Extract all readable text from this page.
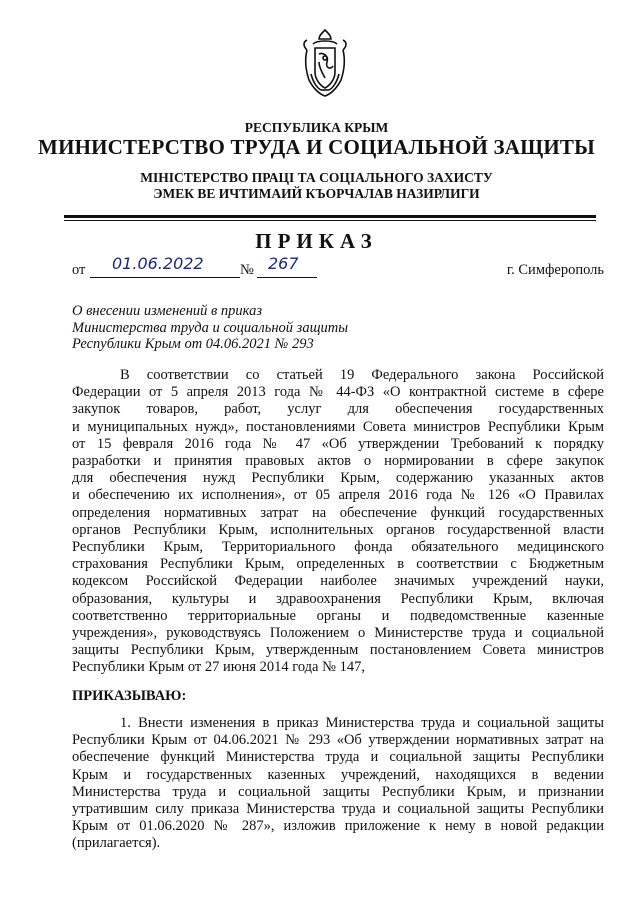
РЕСПУБЛИКА КРЫМ
МИНИСТЕРСТВО ТРУДА И СОЦИАЛЬНОЙ ЗАЩИТЫ
МІНІСТЕРСТВО ПРАЦІ ТА СОЦІАЛЬНОГО ЗАХИСТУ
ЭМЕК ВЕ ИЧТИМАИЙ КЪОРЧАЛАВ НАЗИРЛИГИ
ПРИКАЗ
от 01.06.2022	№ 267	г. Симферополь
О внесении изменений в приказ
Министерства труда и социальной защиты
Республики Крым от 04.06.2021 № 293
В соответствии со статьей 19 Федерального закона Российской
Федерации от 5 апреля 2013 года № 44-ФЗ «О контрактной системе в сфере
закупок товаров, работ, услуг для обеспечения государственных
и муниципальных нужд», постановлениями Совета министров Республики Крым
от 15 февраля 2016 года № 47 «Об утверждении Требований к порядку
разработки и принятия правовых актов о нормировании в сфере закупок
для обеспечения нужд Республики Крым, содержанию указанных актов
и обеспечению их исполнения», от 05 апреля 2016 года № 126 «О Правилах
определения нормативных затрат на обеспечение функций государственных
органов Республики Крым, исполнительных органов государственной власти
Республики Крым, Территориального фонда обязательного медицинского
страхования Республики Крым, определенных в соответствии с Бюджетным
кодексом Российской Федерации наиболее значимых учреждений науки,
образования, культуры и здравоохранения Республики Крым, включая
соответственно территориальные органы и подведомственные казенные
учреждения», руководствуясь Положением о Министерстве труда и социальной
защиты Республики Крым, утвержденным постановлением Совета министров
Республики Крым от 27 июня 2014 года № 147,
ПРИКАЗЫВАЮ:
1. Внести изменения в приказ Министерства труда и социальной защиты
Республики Крым от 04.06.2021 № 293 «Об утверждении нормативных затрат на
обеспечение функций Министерства труда и социальной защиты Республики
Крым и государственных казенных учреждений, находящихся в ведении
Министерства труда и социальной защиты Республики Крым, и признании
утратившим силу приказа Министерства труда и социальной защиты Республики
Крым от 01.06.2020 № 287», изложив приложение к нему в новой редакции
(прилагается).
